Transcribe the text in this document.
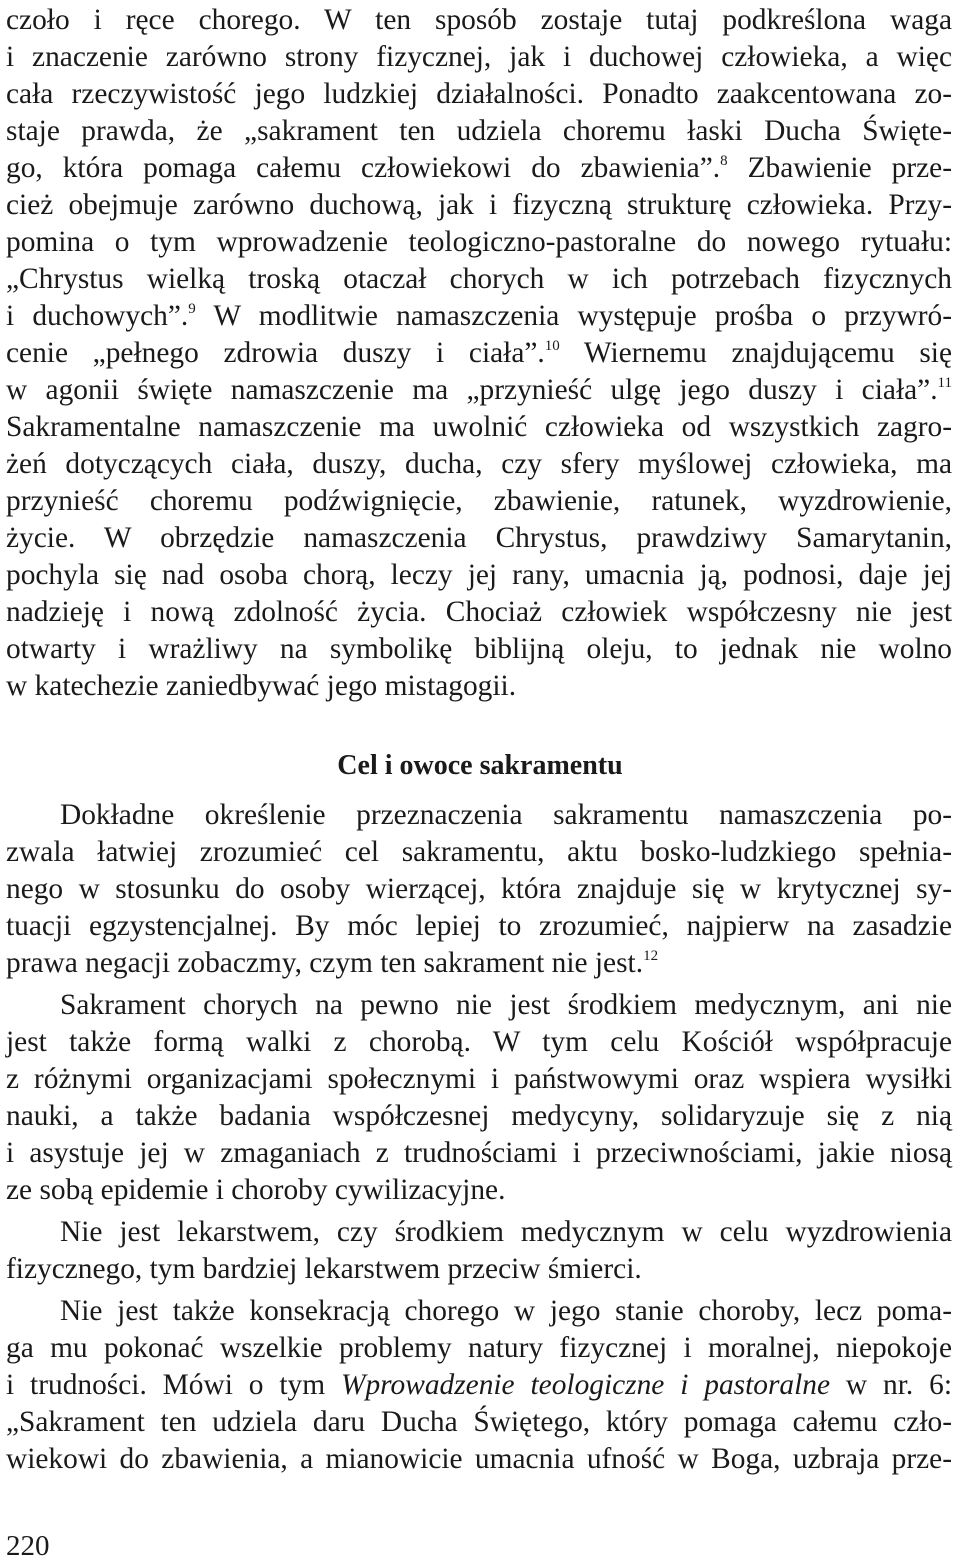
czoło i ręce chorego. W ten sposób zostaje tutaj podkreślona waga
i znaczenie zarówno strony fizycznej, jak i duchowej człowieka, a więc
cała rzeczywistość jego ludzkiej działalności. Ponadto zaakcentowana zo-
staje prawda, że „sakrament ten udziela choremu łaski Ducha Święte-
go, która pomaga całemu człowiekowi do zbawienia”.$^8$ Zbawienie prze-
cież obejmuje zarówno duchową, jak i fizyczną strukturę człowieka. Przy-
pomina o tym wprowadzenie teologiczno-pastoralne do nowego rytuału:
„Chrystus wielką troską otaczał chorych w ich potrzebach fizycznych
i duchowych”.$^9$ W modlitwie namaszczenia występuje prośba o przywró-
cenie „pełnego zdrowia duszy i ciała”.$^{10}$ Wiernemu znajdującemu się
w agonii święte namaszczenie ma „przynieść ulgę jego duszy i ciała”.$^{11}$
Sakramentalne namaszczenie ma uwolnić człowieka od wszystkich zagro-
żeń dotyczących ciała, duszy, ducha, czy sfery myślowej człowieka, ma
przynieść choremu podźwignięcie, zbawienie, ratunek, wyzdrowienie,
życie. W obrzędzie namaszczenia Chrystus, prawdziwy Samarytanin,
pochyla się nad osoba chorą, leczy jej rany, umacnia ją, podnosi, daje jej
nadzieję i nową zdolność życia. Chociaż człowiek współczesny nie jest
otwarty i wrażliwy na symbolikę biblijną oleju, to jednak nie wolno
w katechezie zaniedbywać jego mistagogii.
Cel i owoce sakramentu
Dokładne określenie przeznaczenia sakramentu namaszczenia po-
zwala łatwiej zrozumieć cel sakramentu, aktu bosko-ludzkiego spełnia-
nego w stosunku do osoby wierzącej, która znajduje się w krytycznej sy-
tuacji egzystencjalnej. By móc lepiej to zrozumieć, najpierw na zasadzie
prawa negacji zobaczmy, czym ten sakrament nie jest.$^{12}$
Sakrament chorych na pewno nie jest środkiem medycznym, ani nie
jest także formą walki z chorobą. W tym celu Kościół współpracuje
z różnymi organizacjami społecznymi i państwowymi oraz wspiera wysiłki
nauki, a także badania współczesnej medycyny, solidaryzuje się z nią
i asystuje jej w zmaganiach z trudnościami i przeciwnościami, jakie niosą
ze sobą epidemie i choroby cywilizacyjne.
Nie jest lekarstwem, czy środkiem medycznym w celu wyzdrowienia
fizycznego, tym bardziej lekarstwem przeciw śmierci.
Nie jest także konsekracją chorego w jego stanie choroby, lecz poma-
ga mu pokonać wszelkie problemy natury fizycznej i moralnej, niepokoje
i trudności. Mówi o tym Wprowadzenie teologiczne i pastoralne w nr. 6:
„Sakrament ten udziela daru Ducha Świętego, który pomaga całemu czło-
wiekowi do zbawienia, a mianowicie umacnia ufność w Boga, uzbraja prze-
220
